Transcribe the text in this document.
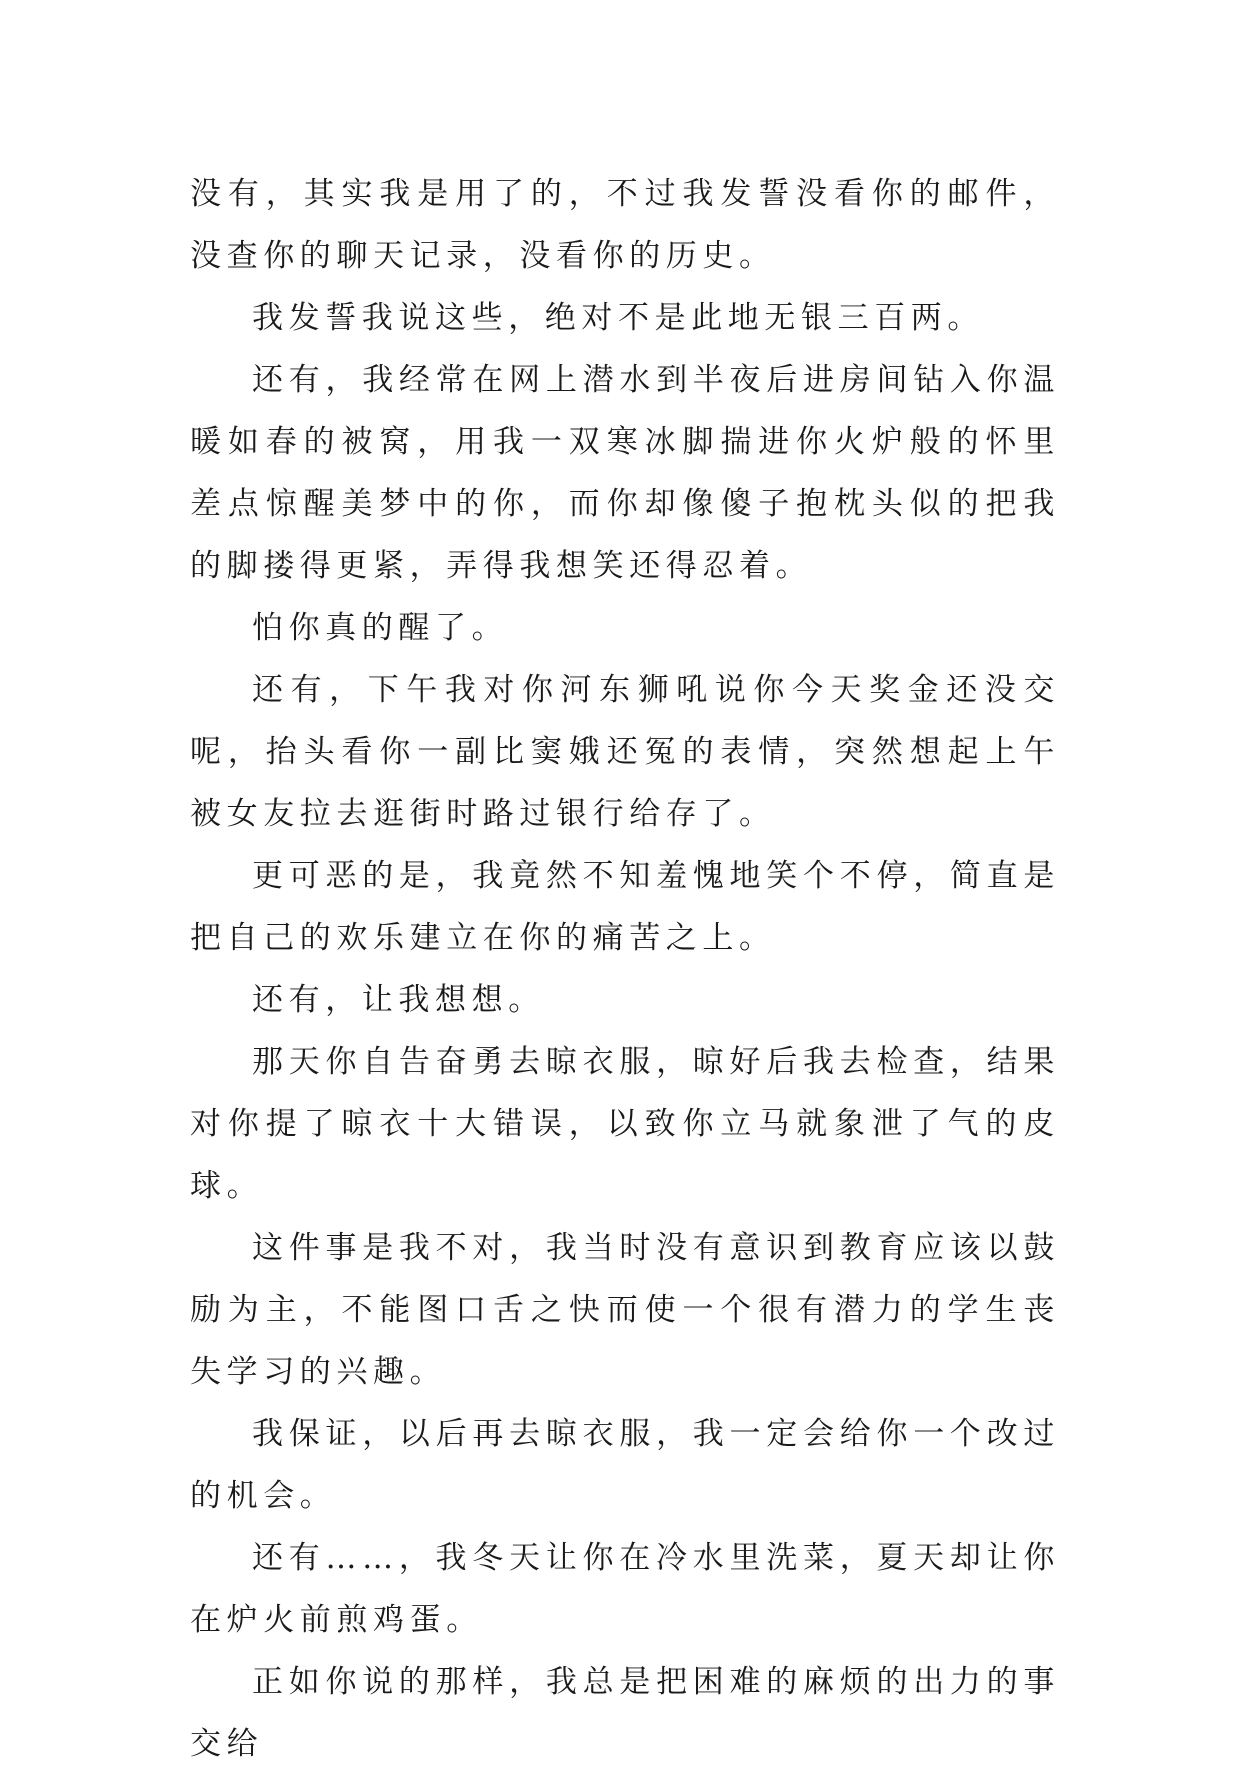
没有，其实我是用了的，不过我发誓没看你的邮件，没查你的聊天记录，没看你的历史。

我发誓我说这些，绝对不是此地无银三百两。

还有，我经常在网上潜水到半夜后进房间钻入你温暖如春的被窝，用我一双寒冰脚揣进你火炉般的怀里差点惊醒美梦中的你，而你却像傻子抱枕头似的把我的脚搂得更紧，弄得我想笑还得忍着。

怕你真的醒了。

还有，下午我对你河东狮吼说你今天奖金还没交呢，抬头看你一副比窦娥还冤的表情，突然想起上午被女友拉去逛街时路过银行给存了。

更可恶的是，我竟然不知羞愧地笑个不停，简直是把自己的欢乐建立在你的痛苦之上。

还有，让我想想。

那天你自告奋勇去晾衣服，晾好后我去检查，结果对你提了晾衣十大错误，以致你立马就象泄了气的皮球。

这件事是我不对，我当时没有意识到教育应该以鼓励为主，不能图口舌之快而使一个很有潜力的学生丧失学习的兴趣。

我保证，以后再去晾衣服，我一定会给你一个改过的机会。

还有……，我冬天让你在冷水里洗菜，夏天却让你在炉火前煎鸡蛋。

正如你说的那样，我总是把困难的麻烦的出力的事交给
